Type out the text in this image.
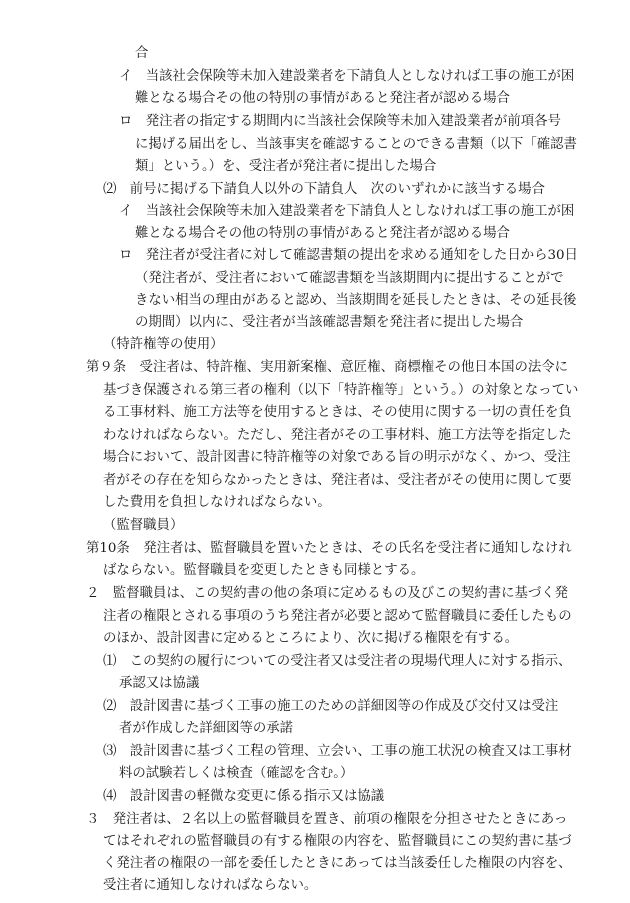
合
イ　当該社会保険等未加入建設業者を下請負人としなければ工事の施工が困
難となる場合その他の特別の事情があると発注者が認める場合
ロ　発注者の指定する期間内に当該社会保険等未加入建設業者が前項各号
に掲げる届出をし、当該事実を確認することのできる書類（以下「確認書
類」という。）を、受注者が発注者に提出した場合
⑵　前号に掲げる下請負人以外の下請負人　次のいずれかに該当する場合
イ　当該社会保険等未加入建設業者を下請負人としなければ工事の施工が困
難となる場合その他の特別の事情があると発注者が認める場合
ロ　発注者が受注者に対して確認書類の提出を求める通知をした日から30日
（発注者が、受注者において確認書類を当該期間内に提出することがで
きない相当の理由があると認め、当該期間を延長したときは、その延長後
の期間）以内に、受注者が当該確認書類を発注者に提出した場合
（特許権等の使用）
第９条　受注者は、特許権、実用新案権、意匠権、商標権その他日本国の法令に
基づき保護される第三者の権利（以下「特許権等」という。）の対象となってい
る工事材料、施工方法等を使用するときは、その使用に関する一切の責任を負
わなければならない。ただし、発注者がその工事材料、施工方法等を指定した
場合において、設計図書に特許権等の対象である旨の明示がなく、かつ、受注
者がその存在を知らなかったときは、発注者は、受注者がその使用に関して要
した費用を負担しなければならない。
（監督職員）
第10条　発注者は、監督職員を置いたときは、その氏名を受注者に通知しなけれ
ばならない。監督職員を変更したときも同様とする。
２　監督職員は、この契約書の他の条項に定めるもの及びこの契約書に基づく発
注者の権限とされる事項のうち発注者が必要と認めて監督職員に委任したもの
のほか、設計図書に定めるところにより、次に掲げる権限を有する。
⑴　この契約の履行についての受注者又は受注者の現場代理人に対する指示、
承認又は協議
⑵　設計図書に基づく工事の施工のための詳細図等の作成及び交付又は受注
者が作成した詳細図等の承諾
⑶　設計図書に基づく工程の管理、立会い、工事の施工状況の検査又は工事材
料の試験若しくは検査（確認を含む。）
⑷　設計図書の軽微な変更に係る指示又は協議
３　発注者は、２名以上の監督職員を置き、前項の権限を分担させたときにあっ
てはそれぞれの監督職員の有する権限の内容を、監督職員にこの契約書に基づ
く発注者の権限の一部を委任したときにあっては当該委任した権限の内容を、
受注者に通知しなければならない。
